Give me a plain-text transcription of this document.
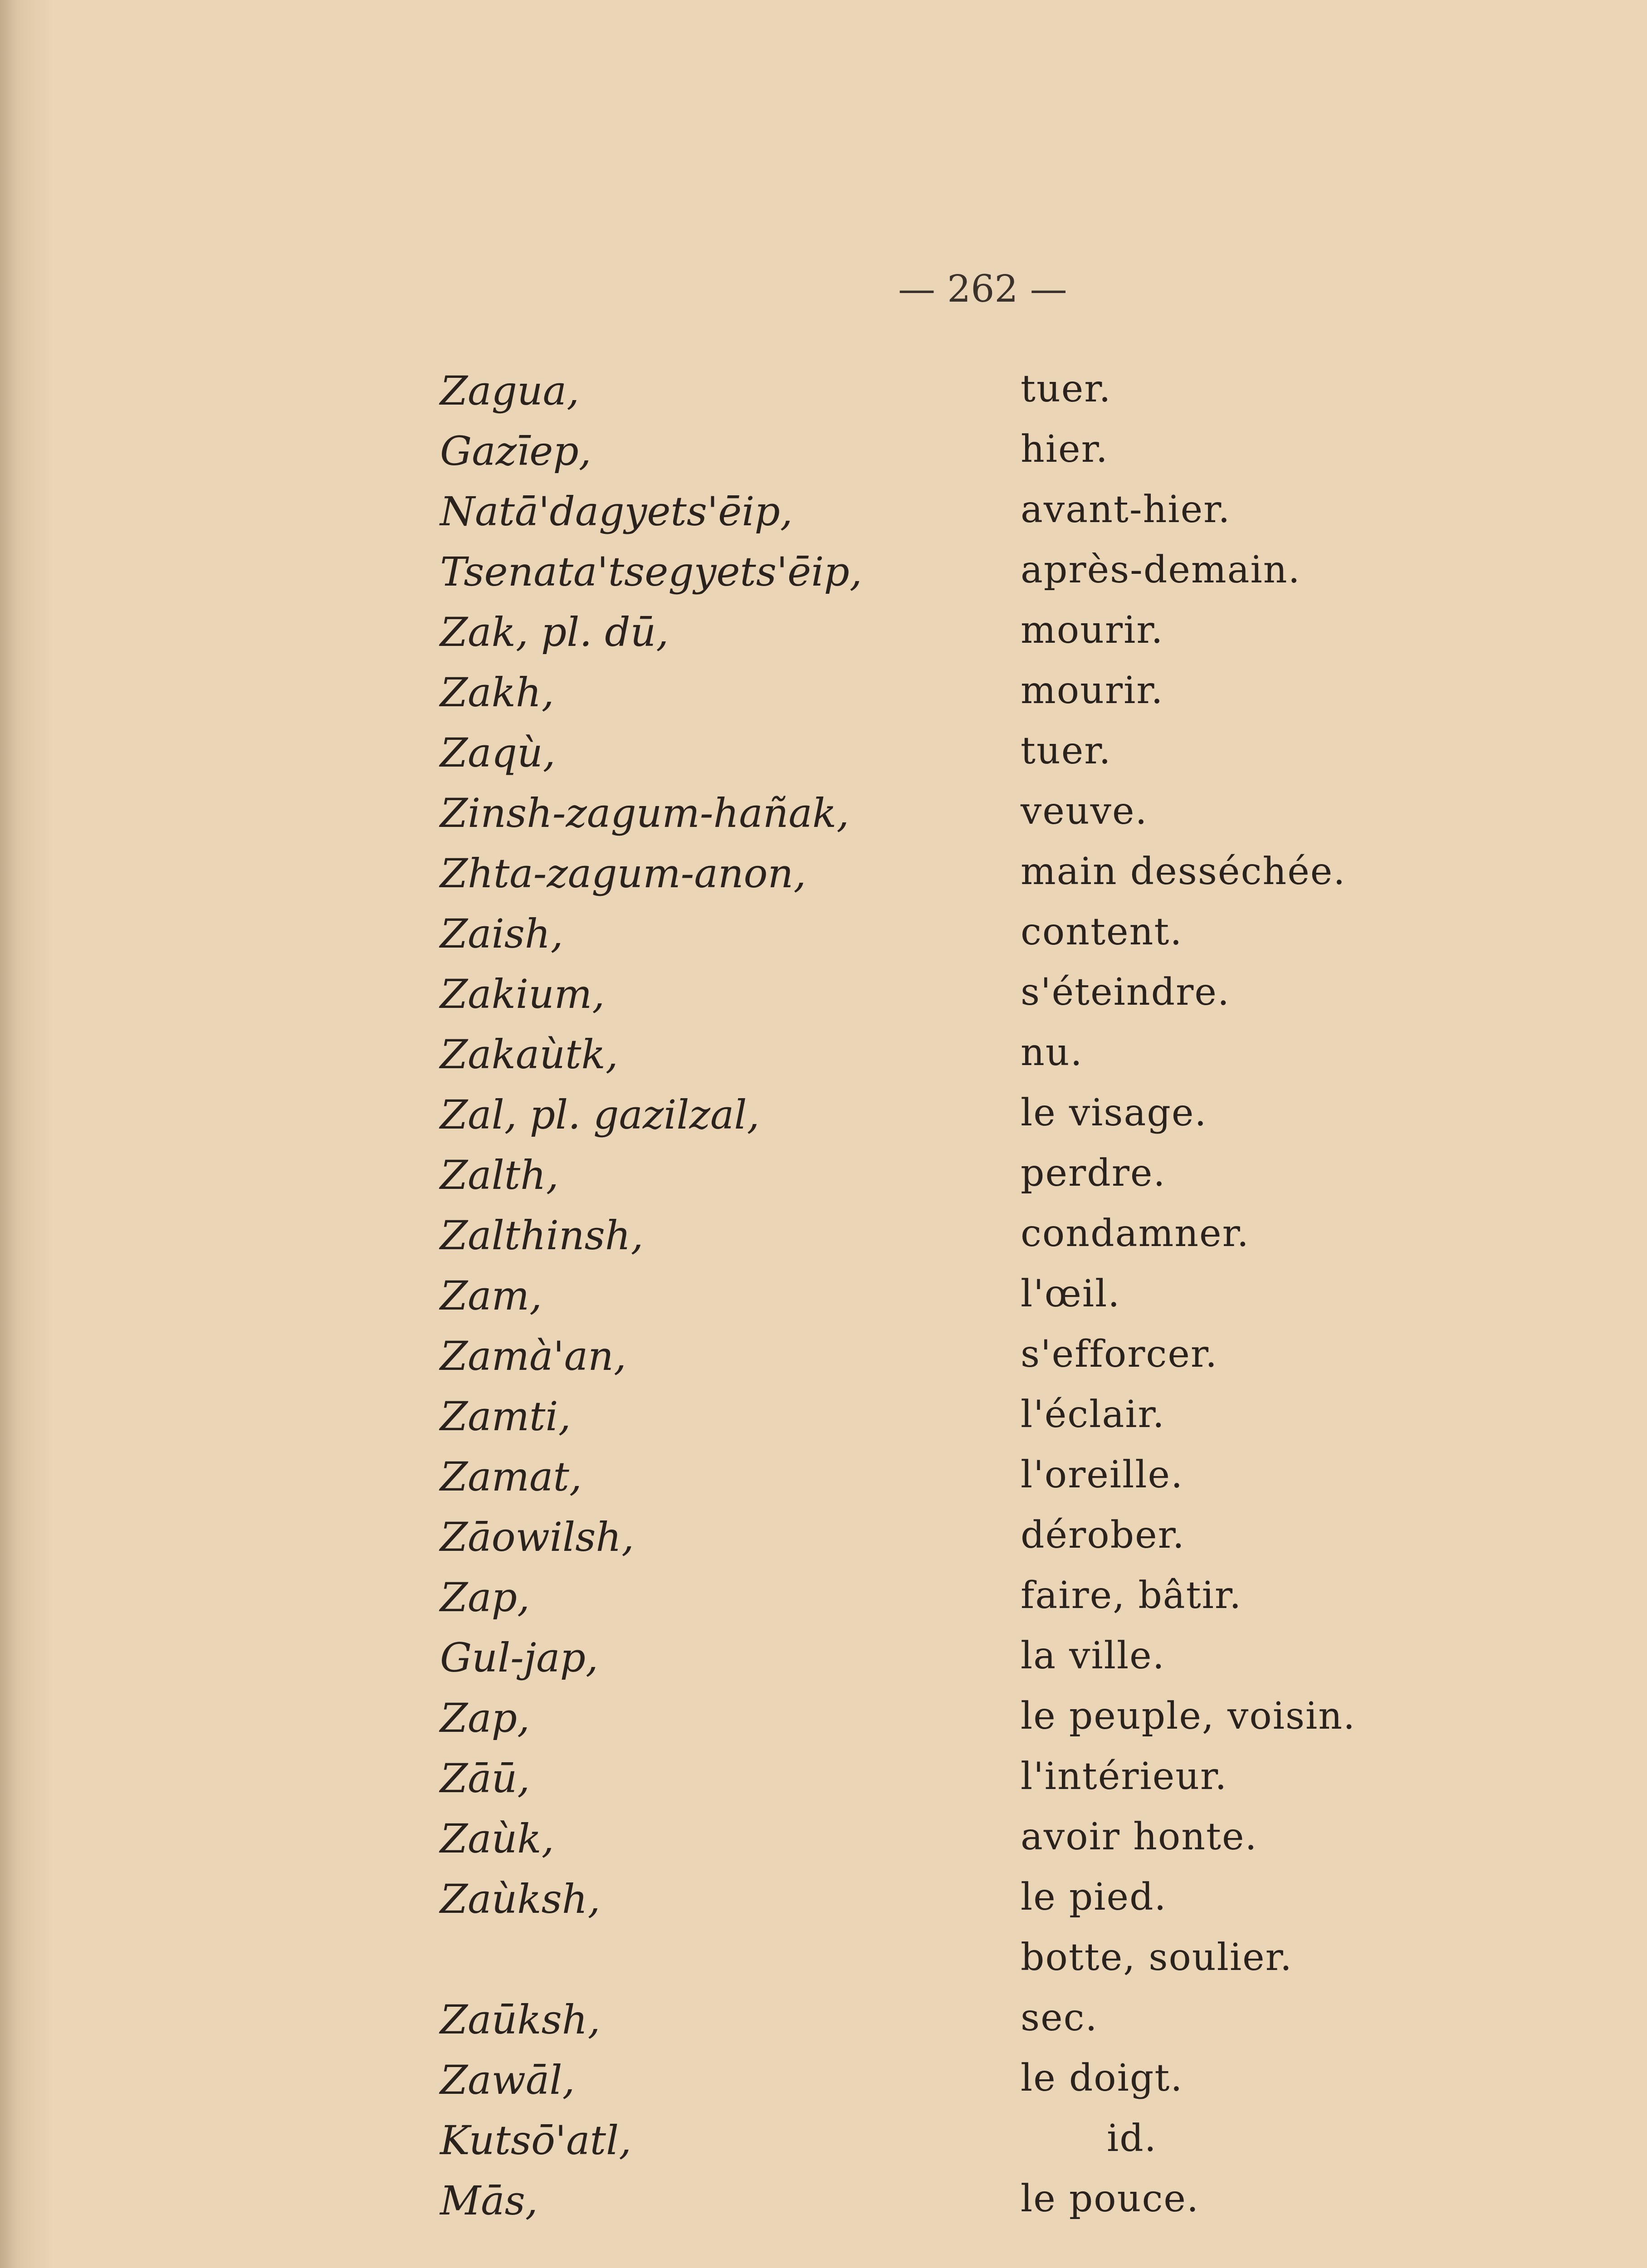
— 262 —
Zagua,	tuer.
Gazīep,	hier.
Natā'dagyets'ēip,	avant-hier.
Tsenata'tsegyets'ēip,	après-demain.
Zak, pl. dū,	mourir.
Zakh,	mourir.
Zaqù,	tuer.
Zinsh-zagum-hañak,	veuve.
Zhta-zagum-anon,	main desséchée.
Zaish,	content.
Zakium,	s'éteindre.
Zakaùtk,	nu.
Zal, pl. gazilzal,	le visage.
Zalth,	perdre.
Zalthinsh,	condamner.
Zam,	l'œil.
Zamà'an,	s'efforcer.
Zamti,	l'éclair.
Zamat,	l'oreille.
Zāowilsh,	dérober.
Zap,	faire, bâtir.
Gul-jap,	la ville.
Zap,	le peuple, voisin.
Zāū,	l'intérieur.
Zaùk,	avoir honte.
Zaùksh,	le pied.
botte, soulier.
Zaūksh,	sec.
Zawāl,	le doigt.
Kutsō'atl,	id.
Mās,	le pouce.
